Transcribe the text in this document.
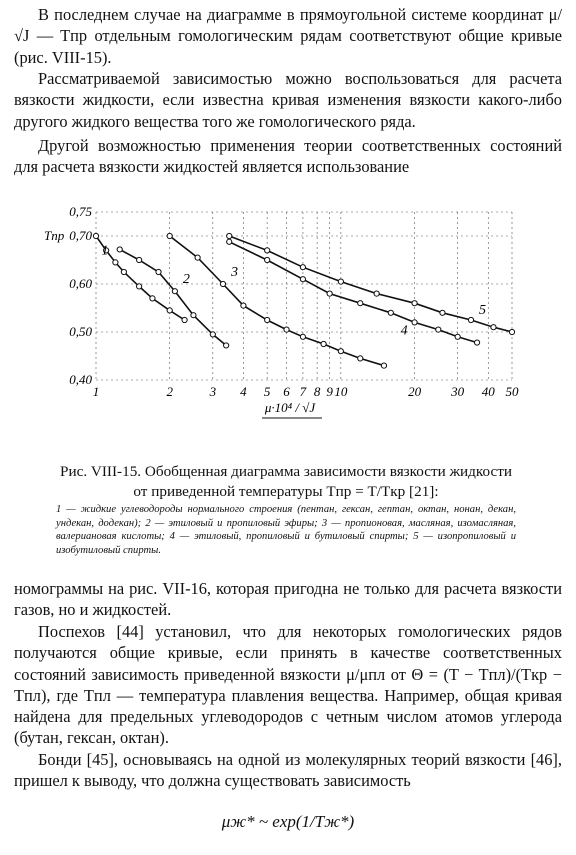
В последнем случае на диаграмме в прямоугольной системе координат μ/√J — Tпр отдельным гомологическим рядам соответствуют общие кривые (рис. VIII-15).

Рассматриваемой зависимостью можно воспользоваться для расчета вязкости жидкости, если известна кривая изменения вязкости какого-либо другого жидкого вещества того же гомологического ряда.

Другой возможностью применения теории соответственных состояний для расчета вязкости жидкостей является использование

1
2	3
4
5
1	2	3 4 5 6 7 8 9 10	20 30 40 50
0,40
0,50
0,60
0,70
0,75
Tпр
μ·10⁴ / √J

Рис. VIII-15. Обобщенная диаграмма зависимости вязкости жидкости от приведенной температуры Tпр = T/Tкр [21]:

1 — жидкие углеводороды нормального строения (пентан, гексан, гептан, октан, нонан, декан, ундекан, додекан); 2 — этиловый и пропиловый эфиры; 3 — пропионовая, масляная, изомасляная, валериановая кислоты; 4 — этиловый, пропиловый и бутиловый спирты; 5 — изопропиловый и изобутиловый спирты.

номограммы на рис. VII-16, которая пригодна не только для расчета вязкости газов, но и жидкостей.

Поспехов [44] установил, что для некоторых гомологических рядов получаются общие кривые, если принять в качестве соответственных состояний зависимость приведенной вязкости μ/μпл от Θ = (T − Tпл)/(Tкр − Tпл), где Tпл — температура плавления вещества. Например, общая кривая найдена для предельных углеводородов с четным числом атомов углерода (бутан, гексан, октан).

Бонди [45], основываясь на одной из молекулярных теорий вязкости [46], пришел к выводу, что должна существовать зависимость

μж* ~ exp(1/Tж*)
